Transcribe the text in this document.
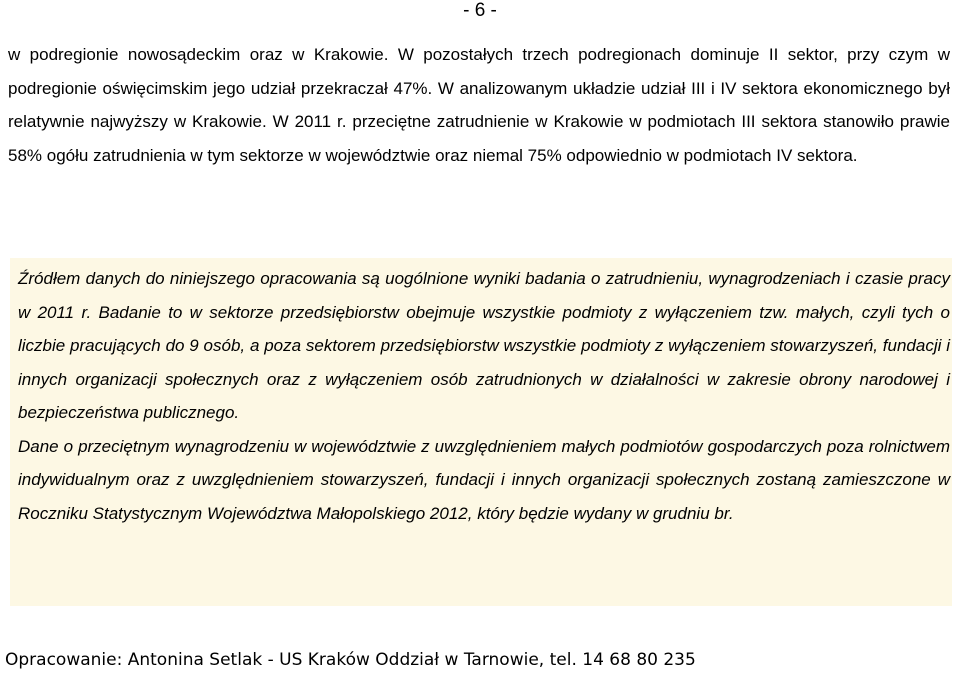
- 6 -

w podregionie nowosądeckim oraz w Krakowie. W pozostałych trzech podregionach dominuje II sektor, przy czym w podregionie oświęcimskim jego udział przekraczał 47%. W analizowanym układzie udział III i IV sektora ekonomicznego był relatywnie najwyższy w Krakowie. W 2011 r. przeciętne zatrudnienie w Krakowie w podmiotach III sektora stanowiło prawie 58% ogółu zatrudnienia w tym sektorze w województwie oraz niemal 75% odpowiednio w podmiotach IV sektora.

Źródłem danych do niniejszego opracowania są uogólnione wyniki badania o zatrudnieniu, wynagrodzeniach i czasie pracy w 2011 r. Badanie to w sektorze przedsiębiorstw obejmuje wszystkie podmioty z wyłączeniem tzw. małych, czyli tych o liczbie pracujących do 9 osób, a poza sektorem przedsiębiorstw wszystkie podmioty z wyłączeniem stowarzyszeń, fundacji i innych organizacji społecznych oraz z wyłączeniem osób zatrudnionych w działalności w zakresie obrony narodowej i bezpieczeństwa publicznego.

Dane o przeciętnym wynagrodzeniu w województwie z uwzględnieniem małych podmiotów gospodarczych poza rolnictwem indywidualnym oraz z uwzględnieniem stowarzyszeń, fundacji i innych organizacji społecznych zostaną zamieszczone w Roczniku Statystycznym Województwa Małopolskiego 2012, który będzie wydany w grudniu br.

Opracowanie: Antonina Setlak - US Kraków Oddział w Tarnowie, tel. 14 68 80 235
